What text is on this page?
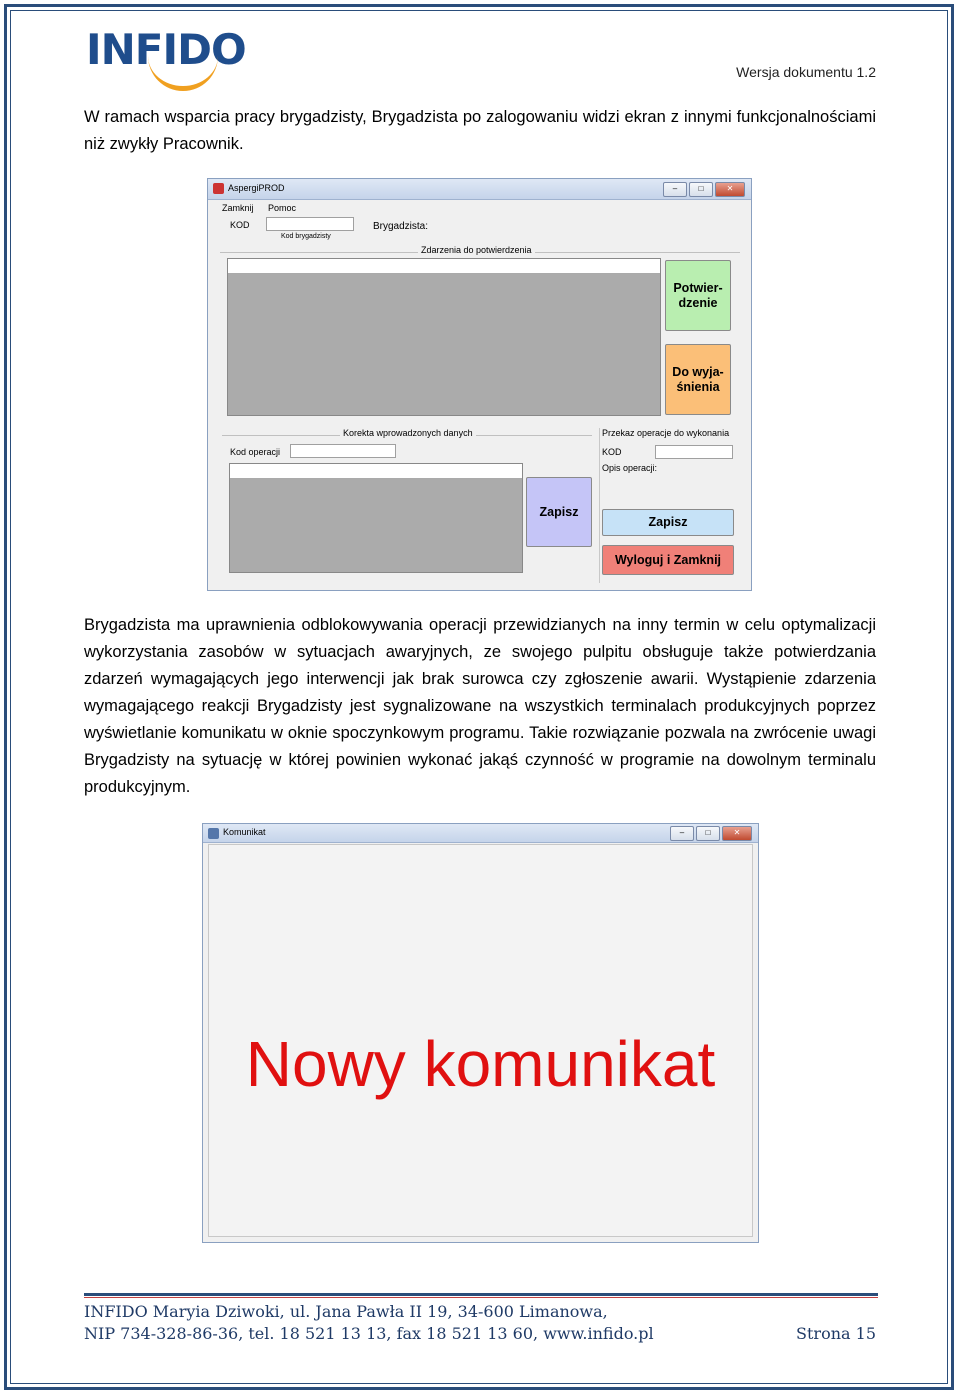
INFIDO	Wersja dokumentu 1.2
W ramach wsparcia pracy brygadzisty, Brygadzista po zalogowaniu widzi ekran z innymi funkcjonalnościami niż zwykły Pracownik.
AspergiPROD	–	□	✕
Zamknij Pomoc
KOD
Kod brygadzisty
Brygadzista:
Zdarzenia do potwierdzenia
Potwier-
dzenie
Do wyja-
śnienia
Korekta wprowadzonych danych
Kod operacji
Zapisz
Przekaz operacje do wykonania
KOD
Opis operacji:
Zapisz
Wyloguj i Zamknij
Brygadzista ma uprawnienia odblokowywania operacji przewidzianych na inny termin w celu optymalizacji wykorzystania zasobów w sytuacjach awaryjnych, ze swojego pulpitu obsługuje także potwierdzania zdarzeń wymagających jego interwencji jak brak surowca czy zgłoszenie awarii. Wystąpienie zdarzenia wymagającego reakcji Brygadzisty jest sygnalizowane na wszystkich terminalach produkcyjnych poprzez wyświetlanie komunikatu w oknie spoczynkowym programu. Takie rozwiązanie pozwala na zwrócenie uwagi Brygadzisty na sytuację w której powinien wykonać jakąś czynność w programie na dowolnym terminalu produkcyjnym.
Komunikat	–	□	✕
Nowy komunikat
INFIDO Maryia Dziwoki, ul. Jana Pawła II 19, 34-600 Limanowa,
NIP 734-328-86-36, tel. 18 521 13 13, fax 18 521 13 60, www.infido.pl	Strona 15
